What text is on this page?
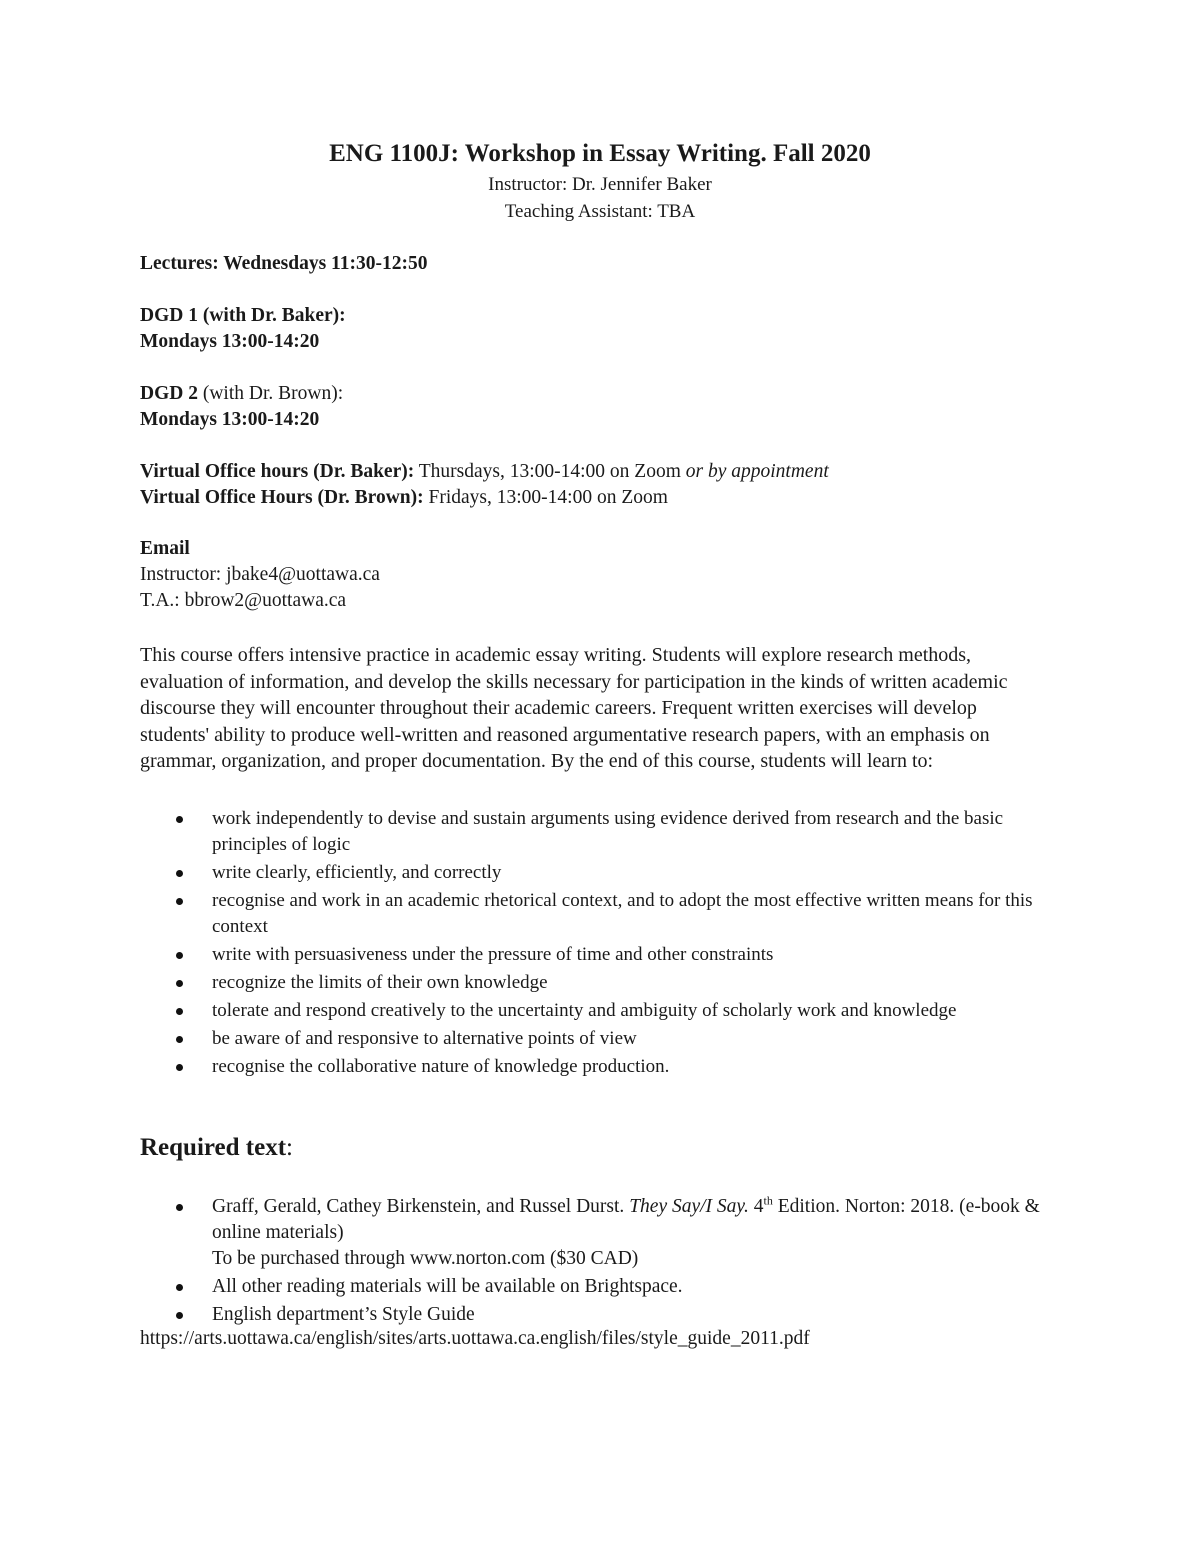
ENG 1100J: Workshop in Essay Writing. Fall 2020
Instructor: Dr. Jennifer Baker
Teaching Assistant: TBA
Lectures: Wednesdays 11:30-12:50
DGD 1 (with Dr. Baker):
Mondays 13:00-14:20
DGD 2 (with Dr. Brown):
Mondays 13:00-14:20
Virtual Office hours (Dr. Baker): Thursdays, 13:00-14:00 on Zoom or by appointment
Virtual Office Hours (Dr. Brown): Fridays, 13:00-14:00 on Zoom
Email
Instructor: jbake4@uottawa.ca
T.A.: bbrow2@uottawa.ca
This course offers intensive practice in academic essay writing. Students will explore research methods, evaluation of information, and develop the skills necessary for participation in the kinds of written academic discourse they will encounter throughout their academic careers. Frequent written exercises will develop students' ability to produce well-written and reasoned argumentative research papers, with an emphasis on grammar, organization, and proper documentation. By the end of this course, students will learn to:
work independently to devise and sustain arguments using evidence derived from research and the basic principles of logic
write clearly, efficiently, and correctly
recognise and work in an academic rhetorical context, and to adopt the most effective written means for this context
write with persuasiveness under the pressure of time and other constraints
recognize the limits of their own knowledge
tolerate and respond creatively to the uncertainty and ambiguity of scholarly work and knowledge
be aware of and responsive to alternative points of view
recognise the collaborative nature of knowledge production.
Required text:
Graff, Gerald, Cathey Birkenstein, and Russel Durst. They Say/I Say. 4th Edition. Norton: 2018. (e-book & online materials)
To be purchased through www.norton.com ($30 CAD)
All other reading materials will be available on Brightspace.
English department’s Style Guide
https://arts.uottawa.ca/english/sites/arts.uottawa.ca.english/files/style_guide_2011.pdf
